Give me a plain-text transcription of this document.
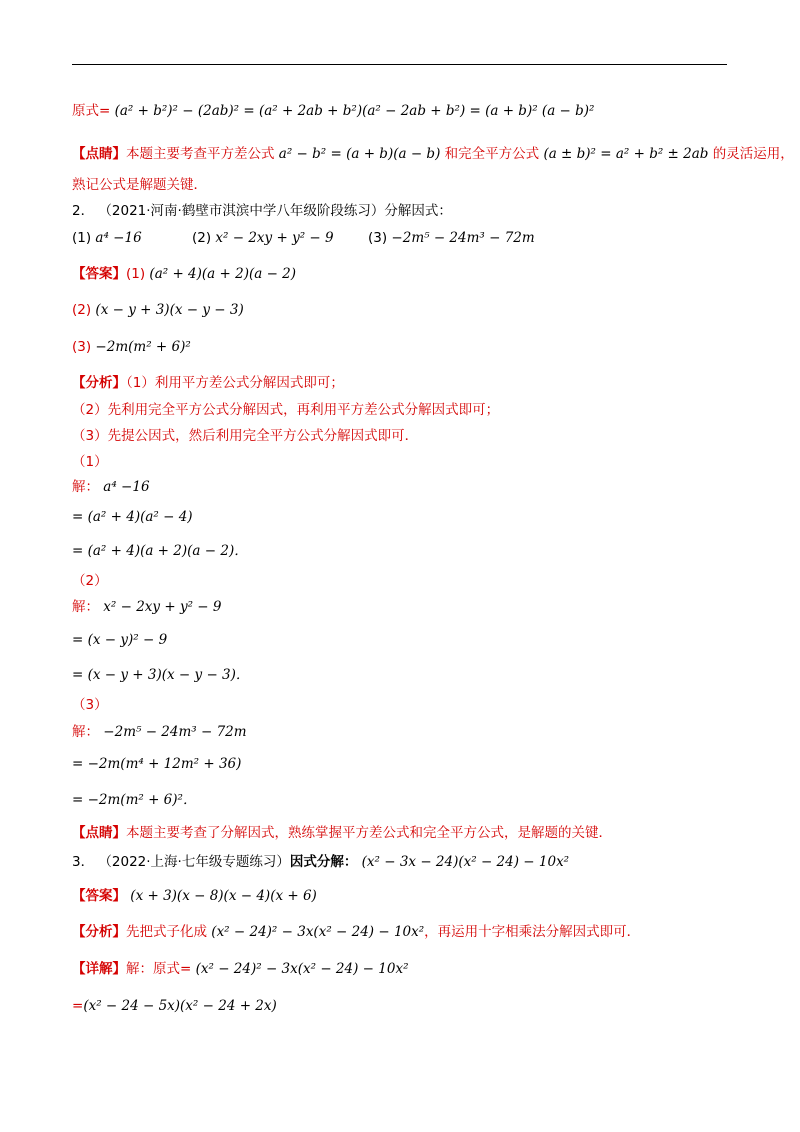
原式= (a² + b²)² − (2ab)² = (a² + 2ab + b²)(a² − 2ab + b²) = (a + b)² (a − b)²
【点睛】本题主要考查平方差公式 a² − b² = (a + b)(a − b) 和完全平方公式 (a ± b)² = a² + b² ± 2ab 的灵活运用，
熟记公式是解题关键．
2． （2021·河南·鹤壁市淇滨中学八年级阶段练习）分解因式：
(1) a⁴ −16	(2) x² − 2xy + y² − 9	(3) −2m⁵ − 24m³ − 72m
【答案】(1) (a² + 4)(a + 2)(a − 2)
(2) (x − y + 3)(x − y − 3)
(3) −2m(m² + 6)²
【分析】（1）利用平方差公式分解因式即可；
（2）先利用完全平方公式分解因式，再利用平方差公式分解因式即可；
（3）先提公因式，然后利用完全平方公式分解因式即可．
（1）
解： a⁴ −16
= (a² + 4)(a² − 4)
= (a² + 4)(a + 2)(a − 2)．
（2）
解： x² − 2xy + y² − 9
= (x − y)² − 9
= (x − y + 3)(x − y − 3)．
（3）
解： −2m⁵ − 24m³ − 72m
= −2m(m⁴ + 12m² + 36)
= −2m(m² + 6)²．
【点睛】本题主要考查了分解因式，熟练掌握平方差公式和完全平方公式，是解题的关键．
3． （2022·上海·七年级专题练习）因式分解： (x² − 3x − 24)(x² − 24) − 10x²
【答案】 (x + 3)(x − 8)(x − 4)(x + 6)
【分析】先把式子化成 (x² − 24)² − 3x(x² − 24) − 10x²，再运用十字相乘法分解因式即可．
【详解】解：原式= (x² − 24)² − 3x(x² − 24) − 10x²
=(x² − 24 − 5x)(x² − 24 + 2x)
